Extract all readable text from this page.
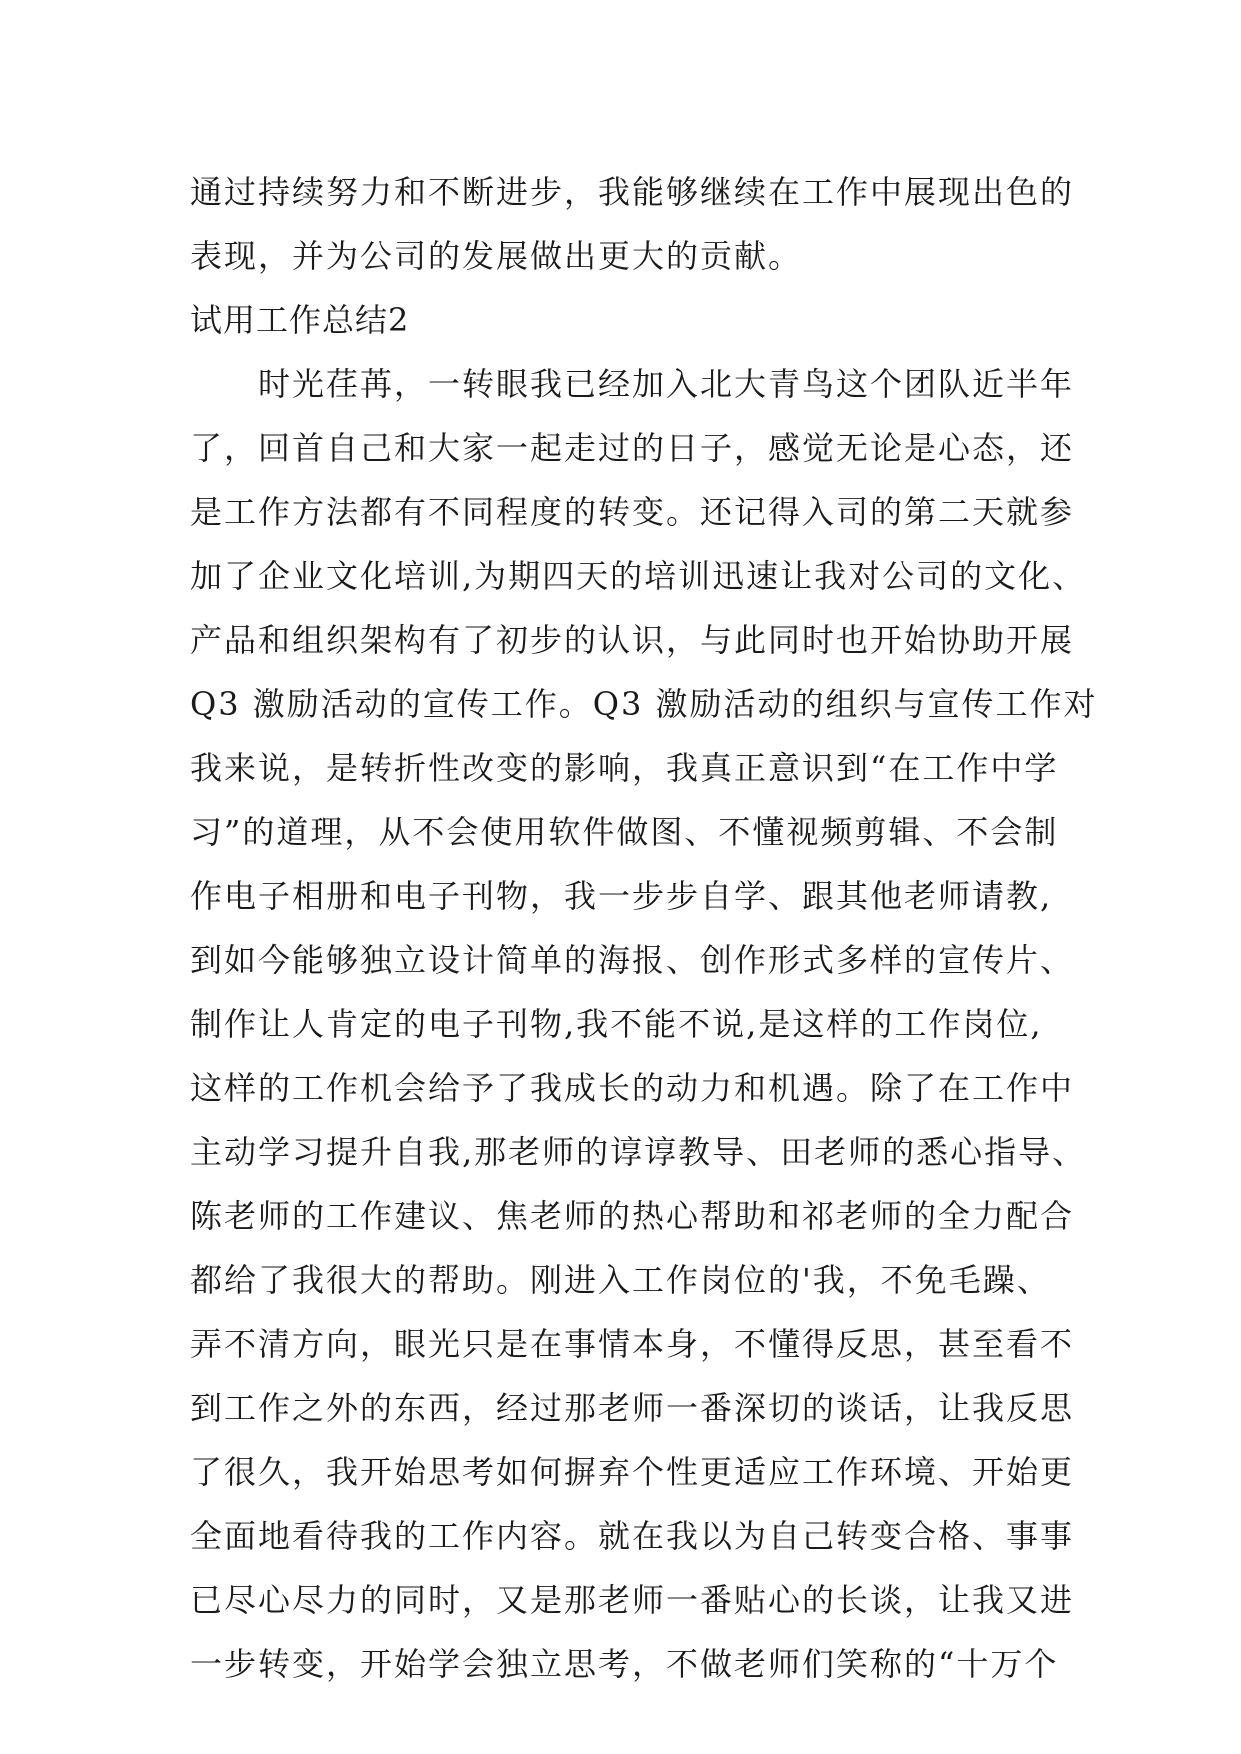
通过持续努力和不断进步，我能够继续在工作中展现出色的
表现，并为公司的发展做出更大的贡献。
试用工作总结2
　　时光荏苒，一转眼我已经加入北大青鸟这个团队近半年
了，回首自己和大家一起走过的日子，感觉无论是心态，还
是工作方法都有不同程度的转变。还记得入司的第二天就参
加了企业文化培训,为期四天的培训迅速让我对公司的文化、
产品和组织架构有了初步的认识，与此同时也开始协助开展
Q3 激励活动的宣传工作。Q3 激励活动的组织与宣传工作对
我来说，是转折性改变的影响，我真正意识到“在工作中学
习”的道理，从不会使用软件做图、不懂视频剪辑、不会制
作电子相册和电子刊物，我一步步自学、跟其他老师请教,
到如今能够独立设计简单的海报、创作形式多样的宣传片、
制作让人肯定的电子刊物,我不能不说,是这样的工作岗位,
这样的工作机会给予了我成长的动力和机遇。除了在工作中
主动学习提升自我,那老师的谆谆教导、田老师的悉心指导、
陈老师的工作建议、焦老师的热心帮助和祁老师的全力配合
都给了我很大的帮助。刚进入工作岗位的'我，不免毛躁、
弄不清方向，眼光只是在事情本身，不懂得反思，甚至看不
到工作之外的东西，经过那老师一番深切的谈话，让我反思
了很久，我开始思考如何摒弃个性更适应工作环境、开始更
全面地看待我的工作内容。就在我以为自己转变合格、事事
已尽心尽力的同时，又是那老师一番贴心的长谈，让我又进
一步转变，开始学会独立思考，不做老师们笑称的“十万个
